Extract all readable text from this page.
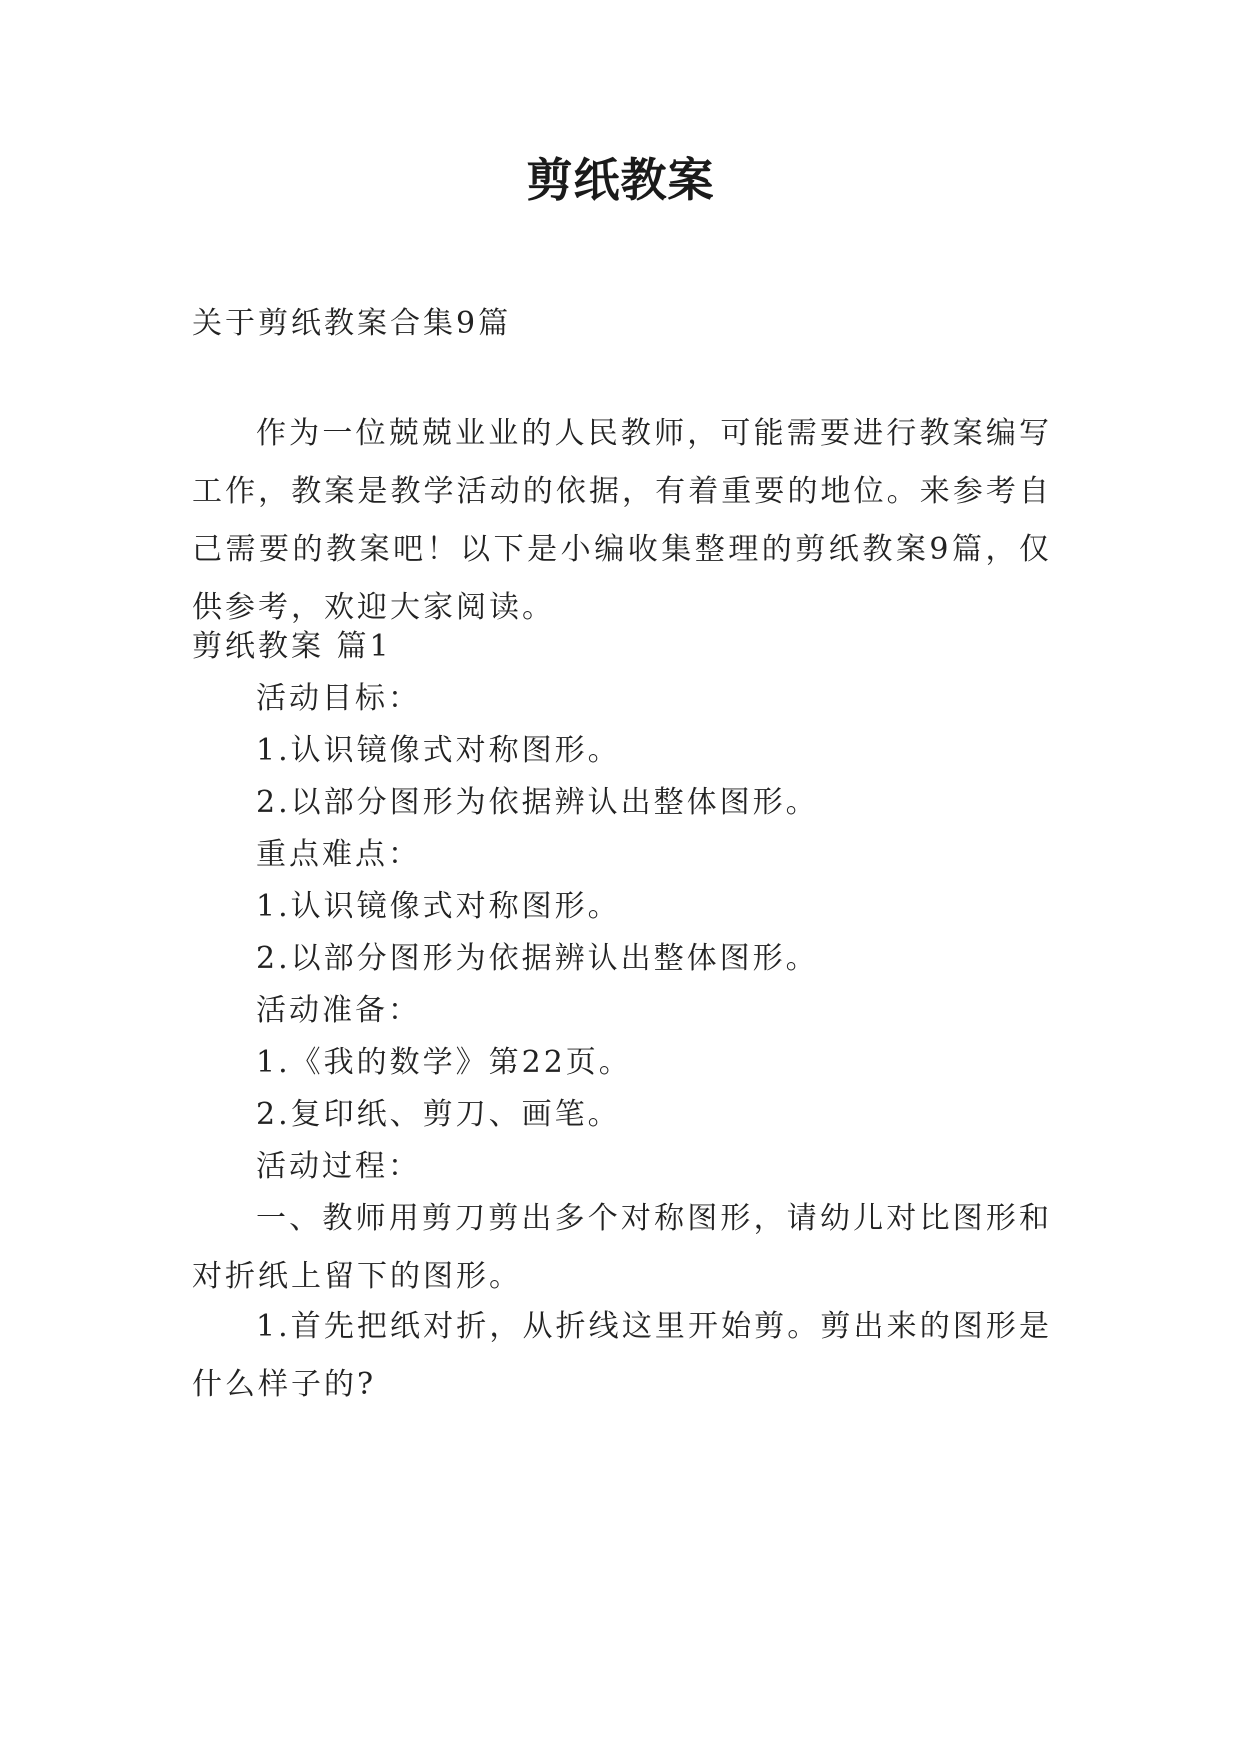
剪纸教案
关于剪纸教案合集9篇
作为一位兢兢业业的人民教师，可能需要进行教案编写工作，教案是教学活动的依据，有着重要的地位。来参考自己需要的教案吧！以下是小编收集整理的剪纸教案9篇，仅供参考，欢迎大家阅读。
剪纸教案 篇1
活动目标：
1.认识镜像式对称图形。
2.以部分图形为依据辨认出整体图形。
重点难点：
1.认识镜像式对称图形。
2.以部分图形为依据辨认出整体图形。
活动准备：
1.《我的数学》第22页。
2.复印纸、剪刀、画笔。
活动过程：
一、教师用剪刀剪出多个对称图形，请幼儿对比图形和对折纸上留下的图形。
1.首先把纸对折，从折线这里开始剪。剪出来的图形是什么样子的?
